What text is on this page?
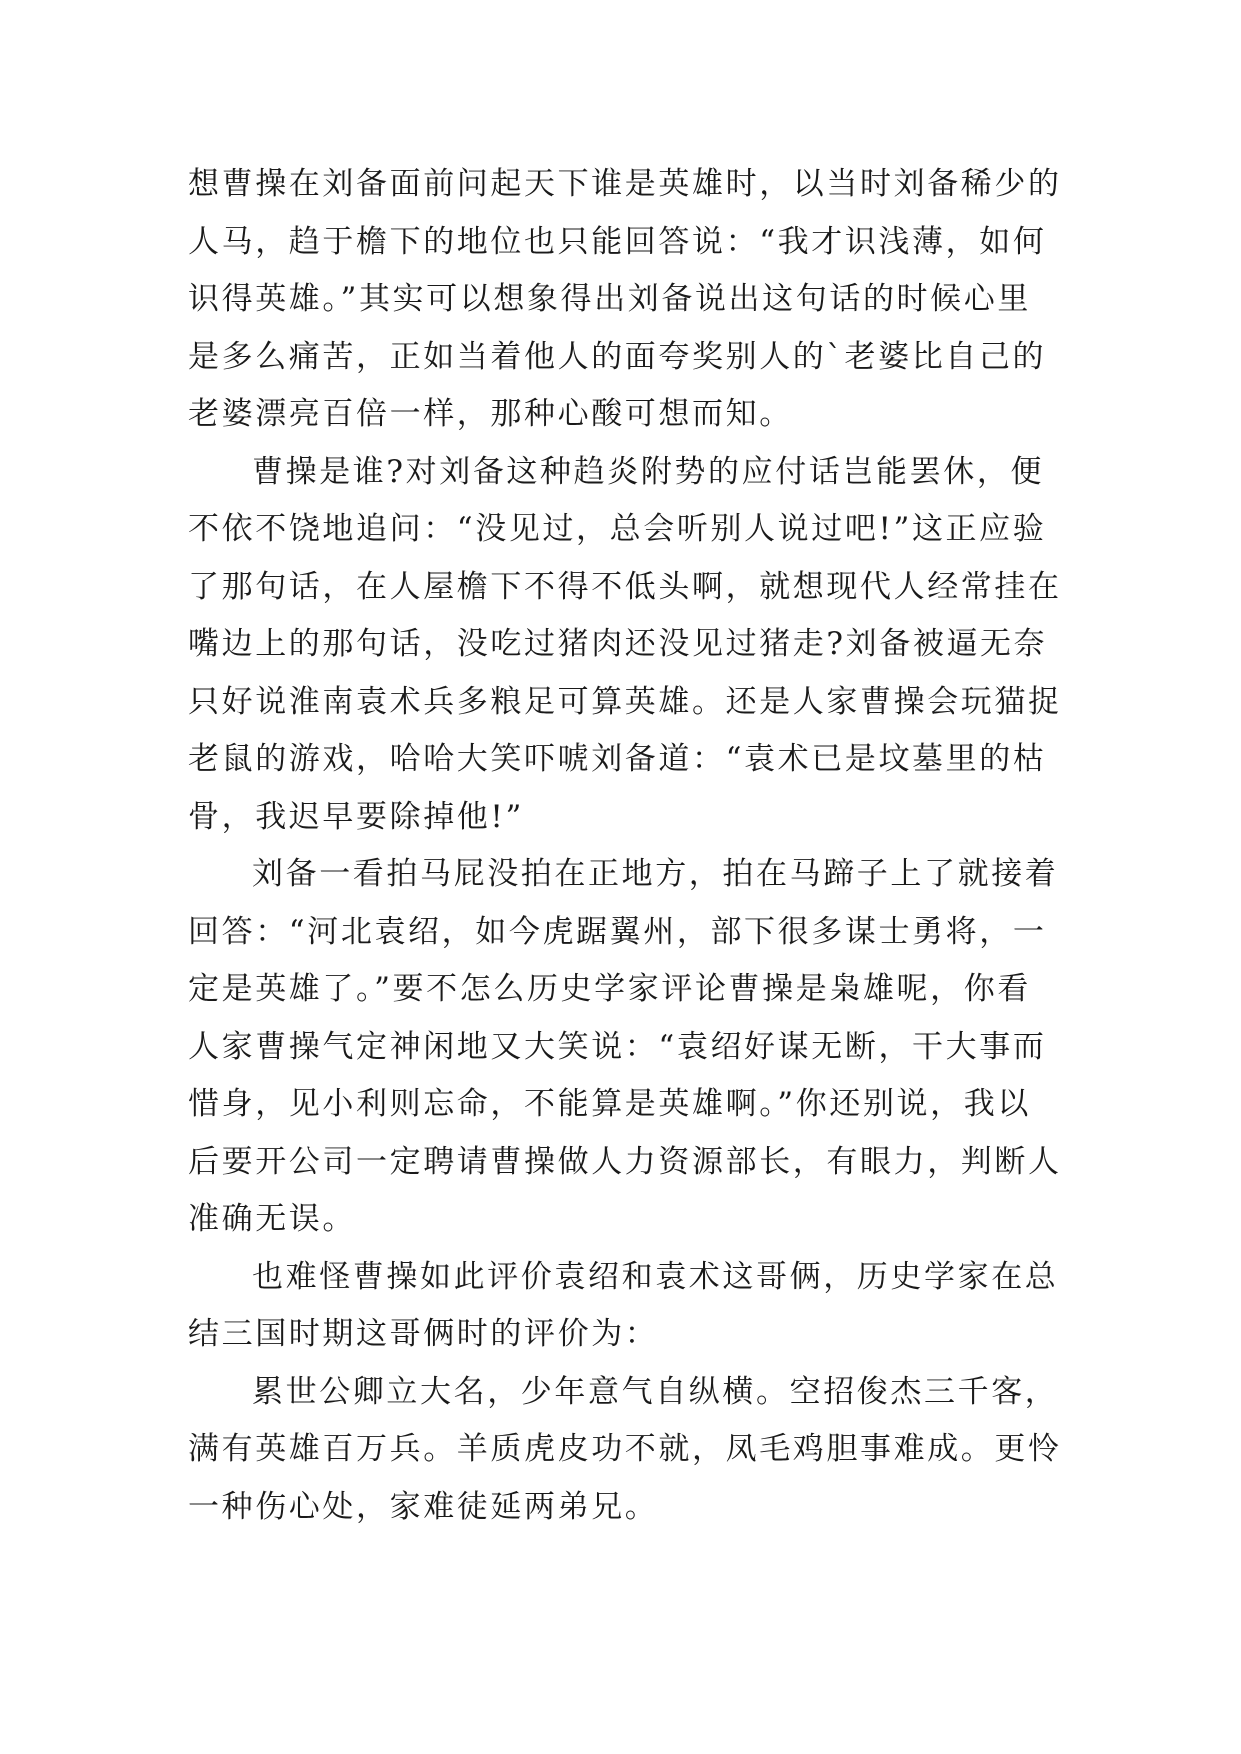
想曹操在刘备面前问起天下谁是英雄时，以当时刘备稀少的
人马，趋于檐下的地位也只能回答说：“我才识浅薄，如何
识得英雄。”其实可以想象得出刘备说出这句话的时候心里
是多么痛苦，正如当着他人的面夸奖别人的`老婆比自己的
老婆漂亮百倍一样，那种心酸可想而知。
曹操是谁?对刘备这种趋炎附势的应付话岂能罢休，便
不依不饶地追问：“没见过，总会听别人说过吧!”这正应验
了那句话，在人屋檐下不得不低头啊，就想现代人经常挂在
嘴边上的那句话，没吃过猪肉还没见过猪走?刘备被逼无奈
只好说淮南袁术兵多粮足可算英雄。还是人家曹操会玩猫捉
老鼠的游戏，哈哈大笑吓唬刘备道：“袁术已是坟墓里的枯
骨，我迟早要除掉他!”
刘备一看拍马屁没拍在正地方，拍在马蹄子上了就接着
回答：“河北袁绍，如今虎踞翼州，部下很多谋士勇将，一
定是英雄了。”要不怎么历史学家评论曹操是枭雄呢，你看
人家曹操气定神闲地又大笑说：“袁绍好谋无断，干大事而
惜身，见小利则忘命，不能算是英雄啊。”你还别说，我以
后要开公司一定聘请曹操做人力资源部长，有眼力，判断人
准确无误。
也难怪曹操如此评价袁绍和袁术这哥俩，历史学家在总
结三国时期这哥俩时的评价为：
累世公卿立大名，少年意气自纵横。空招俊杰三千客，
满有英雄百万兵。羊质虎皮功不就，凤毛鸡胆事难成。更怜
一种伤心处，家难徒延两弟兄。
